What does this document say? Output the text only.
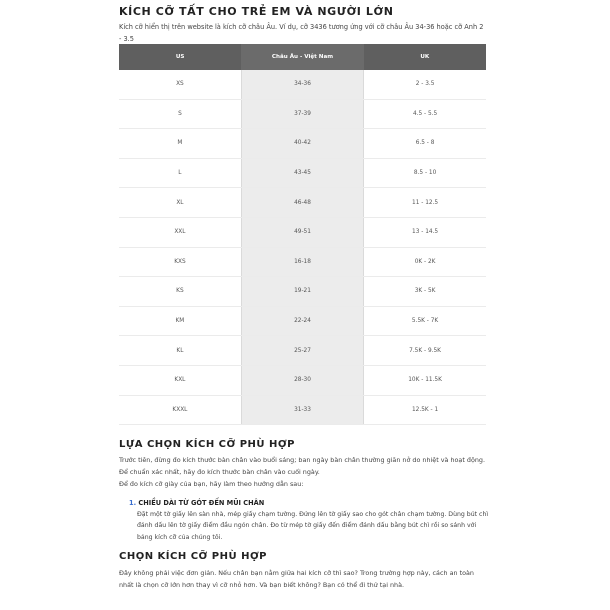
KÍCH CỠ TẤT CHO TRẺ EM VÀ NGƯỜI LỚN
Kích cỡ hiển thị trên website là kích cỡ châu Âu. Ví dụ, cỡ 3436 tương ứng với cỡ châu Âu 34-36 hoặc cỡ Anh 2 - 3.5
US	Châu Âu - Việt Nam	UK
XS	34-36	2 - 3.5
S	37-39	4.5 - 5.5
M	40-42	6.5 - 8
L	43-45	8.5 - 10
XL	46-48	11 - 12.5
XXL	49-51	13 - 14.5
KXS	16-18	0K - 2K
KS	19-21	3K - 5K
KM	22-24	5.5K - 7K
KL	25-27	7.5K - 9.5K
KXL	28-30	10K - 11.5K
KXXL	31-33	12.5K - 1
LỰA CHỌN KÍCH CỠ PHÙ HỢP
Trước tiên, đừng đo kích thước bàn chân vào buổi sáng; ban ngày bàn chân thường giãn nở do nhiệt và hoạt động. Để chuẩn xác nhất, hãy đo kích thước bàn chân vào cuối ngày.
Để đo kích cỡ giày của bạn, hãy làm theo hướng dẫn sau:
1. CHIỀU DÀI TỪ GÓT ĐẾN MŨI CHÂN
Đặt một tờ giấy lên sàn nhà, mép giấy chạm tường. Đứng lên tờ giấy sao cho gót chân chạm tường. Dùng bút chì đánh dấu lên tờ giấy điểm đầu ngón chân. Đo từ mép tờ giấy đến điểm đánh dấu bằng bút chì rồi so sánh với bảng kích cỡ của chúng tôi.
CHỌN KÍCH CỠ PHÙ HỢP
Đây không phải việc đơn giản. Nếu chân bạn nằm giữa hai kích cỡ thì sao? Trong trường hợp này, cách an toàn nhất là chọn cỡ lớn hơn thay vì cỡ nhỏ hơn. Và bạn biết không? Bạn có thể đi thử tại nhà.
